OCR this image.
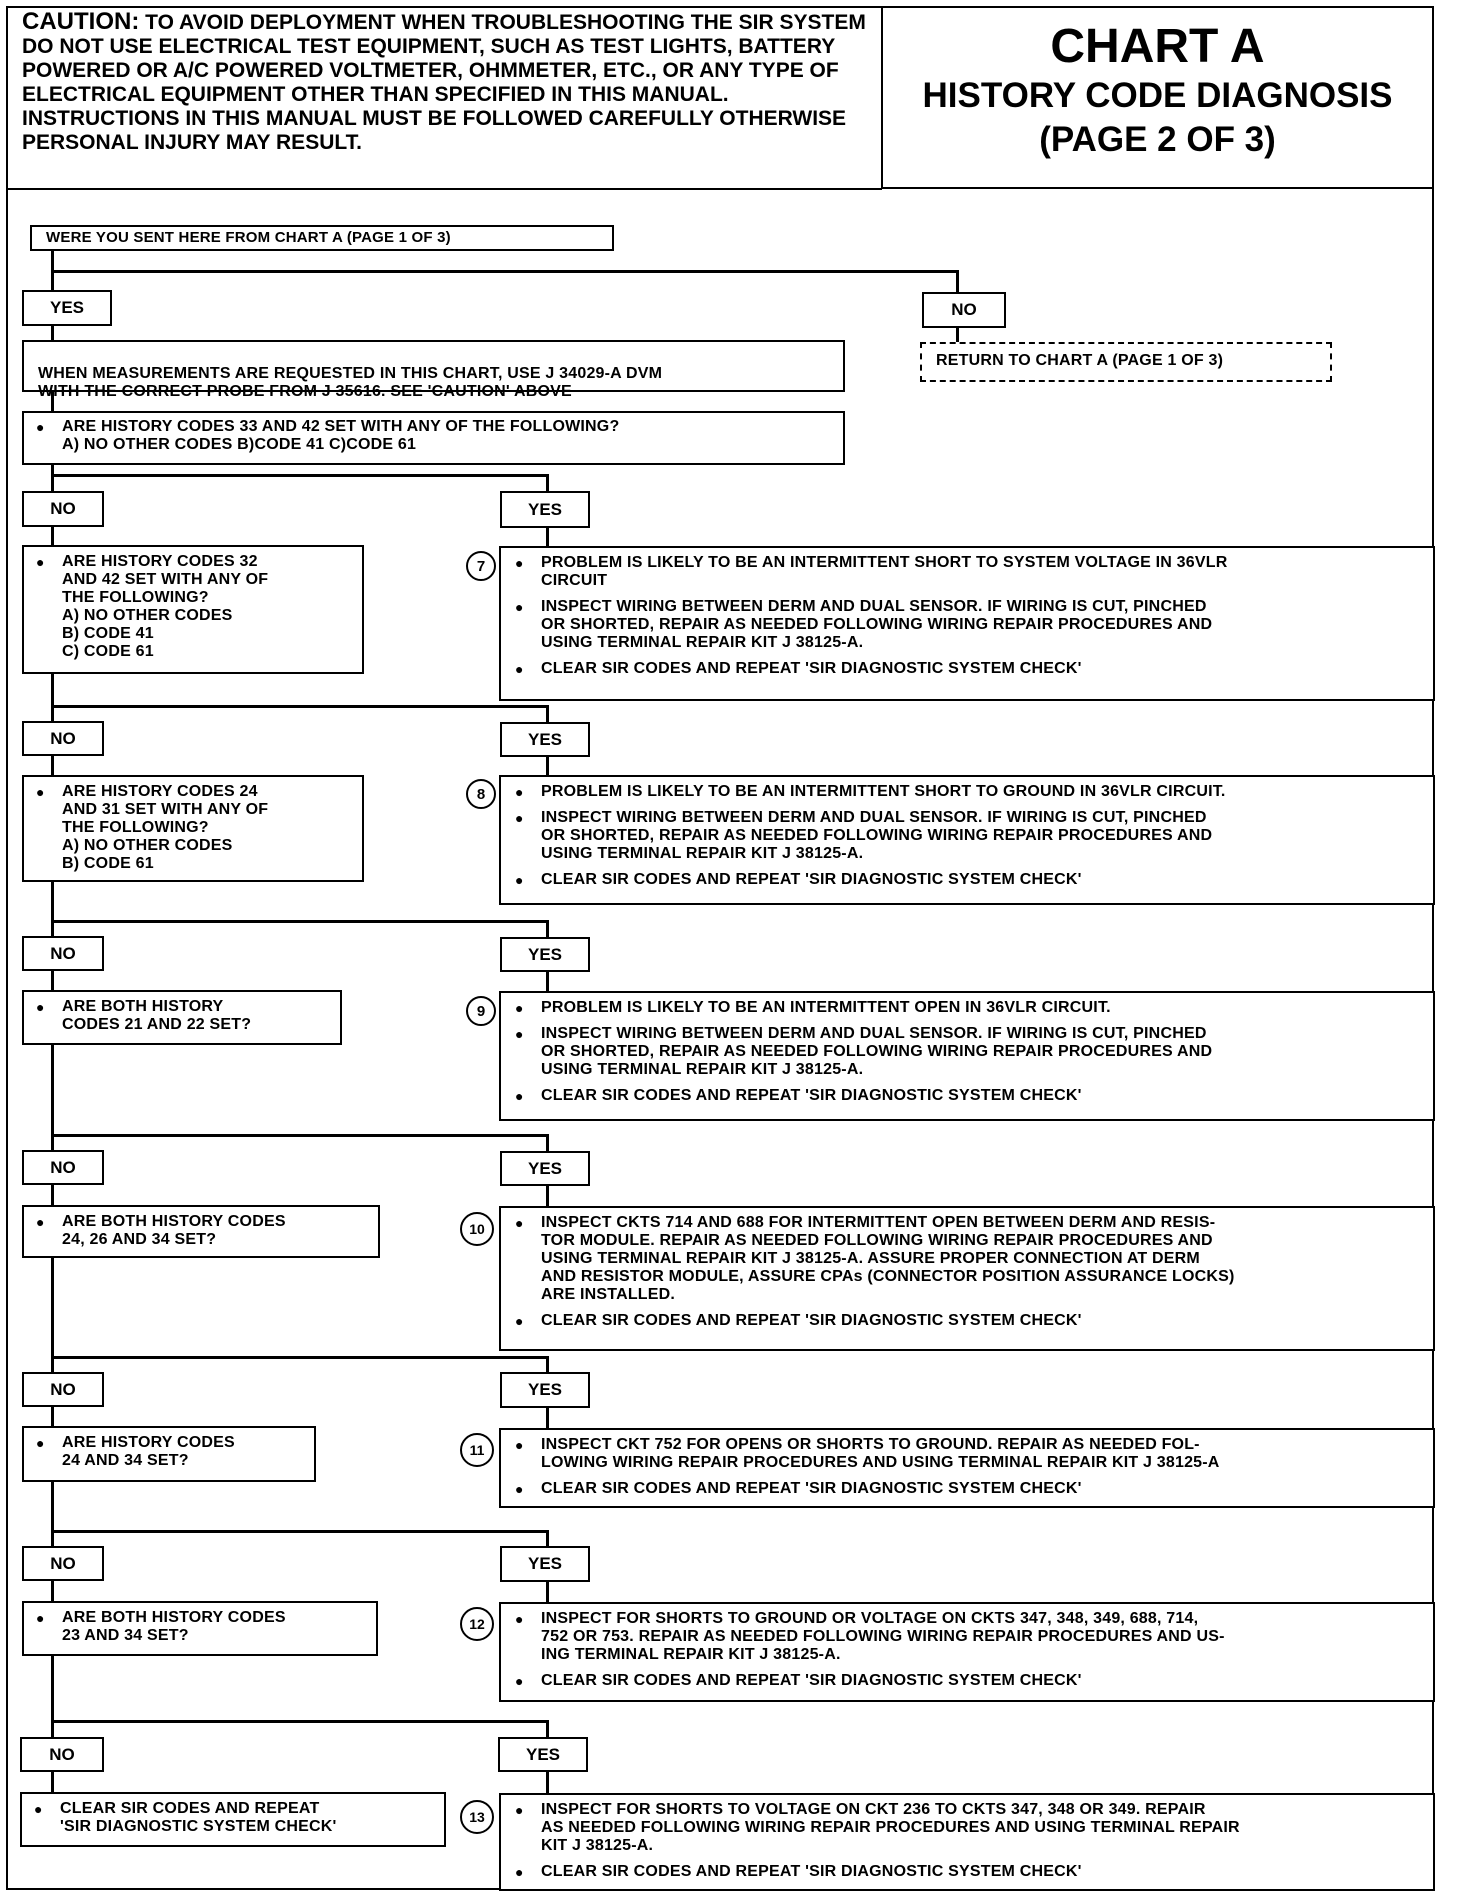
CAUTION: TO AVOID DEPLOYMENT WHEN TROUBLESHOOTING THE SIR SYSTEM DO NOT USE ELECTRICAL TEST EQUIPMENT, SUCH AS TEST LIGHTS, BATTERY POWERED OR A/C POWERED VOLTMETER, OHMMETER, ETC., OR ANY TYPE OF ELECTRICAL EQUIPMENT OTHER THAN SPECIFIED IN THIS MANUAL. INSTRUCTIONS IN THIS MANUAL MUST BE FOLLOWED CAREFULLY OTHERWISE PERSONAL INJURY MAY RESULT.
CHART A
HISTORY CODE DIAGNOSIS
(PAGE 2 OF 3)
WERE YOU SENT HERE FROM CHART A (PAGE 1 OF 3)
YES	NO

WHEN MEASUREMENTS ARE REQUESTED IN THIS CHART, USE J 34029-A DVM
WITH THE CORRECT PROBE FROM J 35616. SEE 'CAUTION' ABOVE

RETURN TO CHART A (PAGE 1 OF 3)
●	ARE HISTORY CODES 33 AND 42 SET WITH ANY OF THE FOLLOWING?
A) NO OTHER CODES B)CODE 41 C)CODE 61
NO	YES
●	ARE HISTORY CODES 32
AND 42 SET WITH ANY OF
THE FOLLOWING?
A) NO OTHER CODES
B) CODE 41
C) CODE 61
7 ●	PROBLEM IS LIKELY TO BE AN INTERMITTENT SHORT TO SYSTEM VOLTAGE IN 36VLR
CIRCUIT
●	INSPECT WIRING BETWEEN DERM AND DUAL SENSOR. IF WIRING IS CUT, PINCHED
OR SHORTED, REPAIR AS NEEDED FOLLOWING WIRING REPAIR PROCEDURES AND
USING TERMINAL REPAIR KIT J 38125-A.
●	CLEAR SIR CODES AND REPEAT 'SIR DIAGNOSTIC SYSTEM CHECK'
NO	YES
●	ARE HISTORY CODES 24
AND 31 SET WITH ANY OF
THE FOLLOWING?
A) NO OTHER CODES
B) CODE 61
8 ●	PROBLEM IS LIKELY TO BE AN INTERMITTENT SHORT TO GROUND IN 36VLR CIRCUIT.
●	INSPECT WIRING BETWEEN DERM AND DUAL SENSOR. IF WIRING IS CUT, PINCHED
OR SHORTED, REPAIR AS NEEDED FOLLOWING WIRING REPAIR PROCEDURES AND
USING TERMINAL REPAIR KIT J 38125-A.
●	CLEAR SIR CODES AND REPEAT 'SIR DIAGNOSTIC SYSTEM CHECK'
NO	YES
●	ARE BOTH HISTORY
CODES 21 AND 22 SET?
9 ●	PROBLEM IS LIKELY TO BE AN INTERMITTENT OPEN IN 36VLR CIRCUIT.
●	INSPECT WIRING BETWEEN DERM AND DUAL SENSOR. IF WIRING IS CUT, PINCHED
OR SHORTED, REPAIR AS NEEDED FOLLOWING WIRING REPAIR PROCEDURES AND
USING TERMINAL REPAIR KIT J 38125-A.
●	CLEAR SIR CODES AND REPEAT 'SIR DIAGNOSTIC SYSTEM CHECK'
NO	YES
●	ARE BOTH HISTORY CODES
24, 26 AND 34 SET?
10 ●	INSPECT CKTS 714 AND 688 FOR INTERMITTENT OPEN BETWEEN DERM AND RESIS-
TOR MODULE. REPAIR AS NEEDED FOLLOWING WIRING REPAIR PROCEDURES AND
USING TERMINAL REPAIR KIT J 38125-A. ASSURE PROPER CONNECTION AT DERM
AND RESISTOR MODULE, ASSURE CPAs (CONNECTOR POSITION ASSURANCE LOCKS)
ARE INSTALLED.
●	CLEAR SIR CODES AND REPEAT 'SIR DIAGNOSTIC SYSTEM CHECK'
NO	YES
●	ARE HISTORY CODES
24 AND 34 SET?
11 ●	INSPECT CKT 752 FOR OPENS OR SHORTS TO GROUND. REPAIR AS NEEDED FOL-
LOWING WIRING REPAIR PROCEDURES AND USING TERMINAL REPAIR KIT J 38125-A
●	CLEAR SIR CODES AND REPEAT 'SIR DIAGNOSTIC SYSTEM CHECK'
NO	YES
●	ARE BOTH HISTORY CODES
23 AND 34 SET?
12 ●	INSPECT FOR SHORTS TO GROUND OR VOLTAGE ON CKTS 347, 348, 349, 688, 714,
752 OR 753. REPAIR AS NEEDED FOLLOWING WIRING REPAIR PROCEDURES AND US-
ING TERMINAL REPAIR KIT J 38125-A.
●	CLEAR SIR CODES AND REPEAT 'SIR DIAGNOSTIC SYSTEM CHECK'
NO	YES
●	CLEAR SIR CODES AND REPEAT
'SIR DIAGNOSTIC SYSTEM CHECK'
13 ●	INSPECT FOR SHORTS TO VOLTAGE ON CKT 236 TO CKTS 347, 348 OR 349. REPAIR
AS NEEDED FOLLOWING WIRING REPAIR PROCEDURES AND USING TERMINAL REPAIR
KIT J 38125-A.
●	CLEAR SIR CODES AND REPEAT 'SIR DIAGNOSTIC SYSTEM CHECK'
